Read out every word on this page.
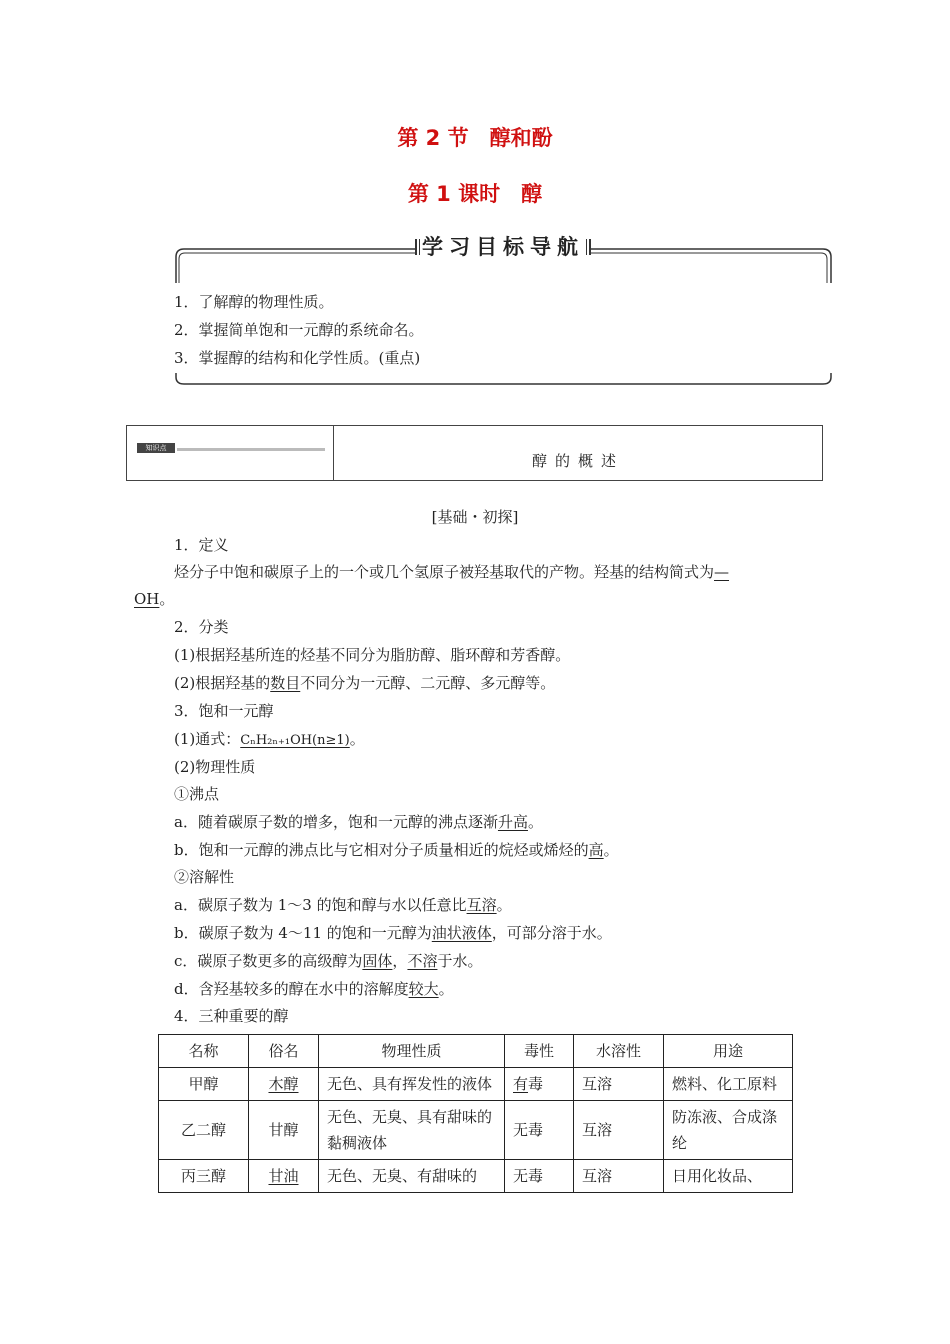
第 2 节　醇和酚
第 1 课时　醇
学习目标导航
1．了解醇的物理性质。
2．掌握简单饱和一元醇的系统命名。
3．掌握醇的结构和化学性质。(重点)
知识点
醇的概述
[基础・初探]
1．定义
烃分子中饱和碳原子上的一个或几个氢原子被羟基取代的产物。羟基的结构简式为—
OH。
2．分类
(1)根据羟基所连的烃基不同分为脂肪醇、脂环醇和芳香醇。
(2)根据羟基的数目不同分为一元醇、二元醇、多元醇等。
3．饱和一元醇
(1)通式：CₙH₂ₙ₊₁OH(n≥1)。
(2)物理性质
①沸点
a．随着碳原子数的增多，饱和一元醇的沸点逐渐升高。
b．饱和一元醇的沸点比与它相对分子质量相近的烷烃或烯烃的高。
②溶解性
a．碳原子数为 1～3 的饱和醇与水以任意比互溶。
b．碳原子数为 4～11 的饱和一元醇为油状液体，可部分溶于水。
c．碳原子数更多的高级醇为固体，不溶于水。
d．含羟基较多的醇在水中的溶解度较大。
4．三种重要的醇
名称	俗名	物理性质	毒性	水溶性	用途
甲醇	木醇	无色、具有挥发性的液体	有毒	互溶	燃料、化工原料
乙二醇	甘醇	无色、无臭、具有甜味的黏稠液体	无毒	互溶	防冻液、合成涤纶
丙三醇	甘油	无色、无臭、有甜味的	无毒	互溶	日用化妆品、
